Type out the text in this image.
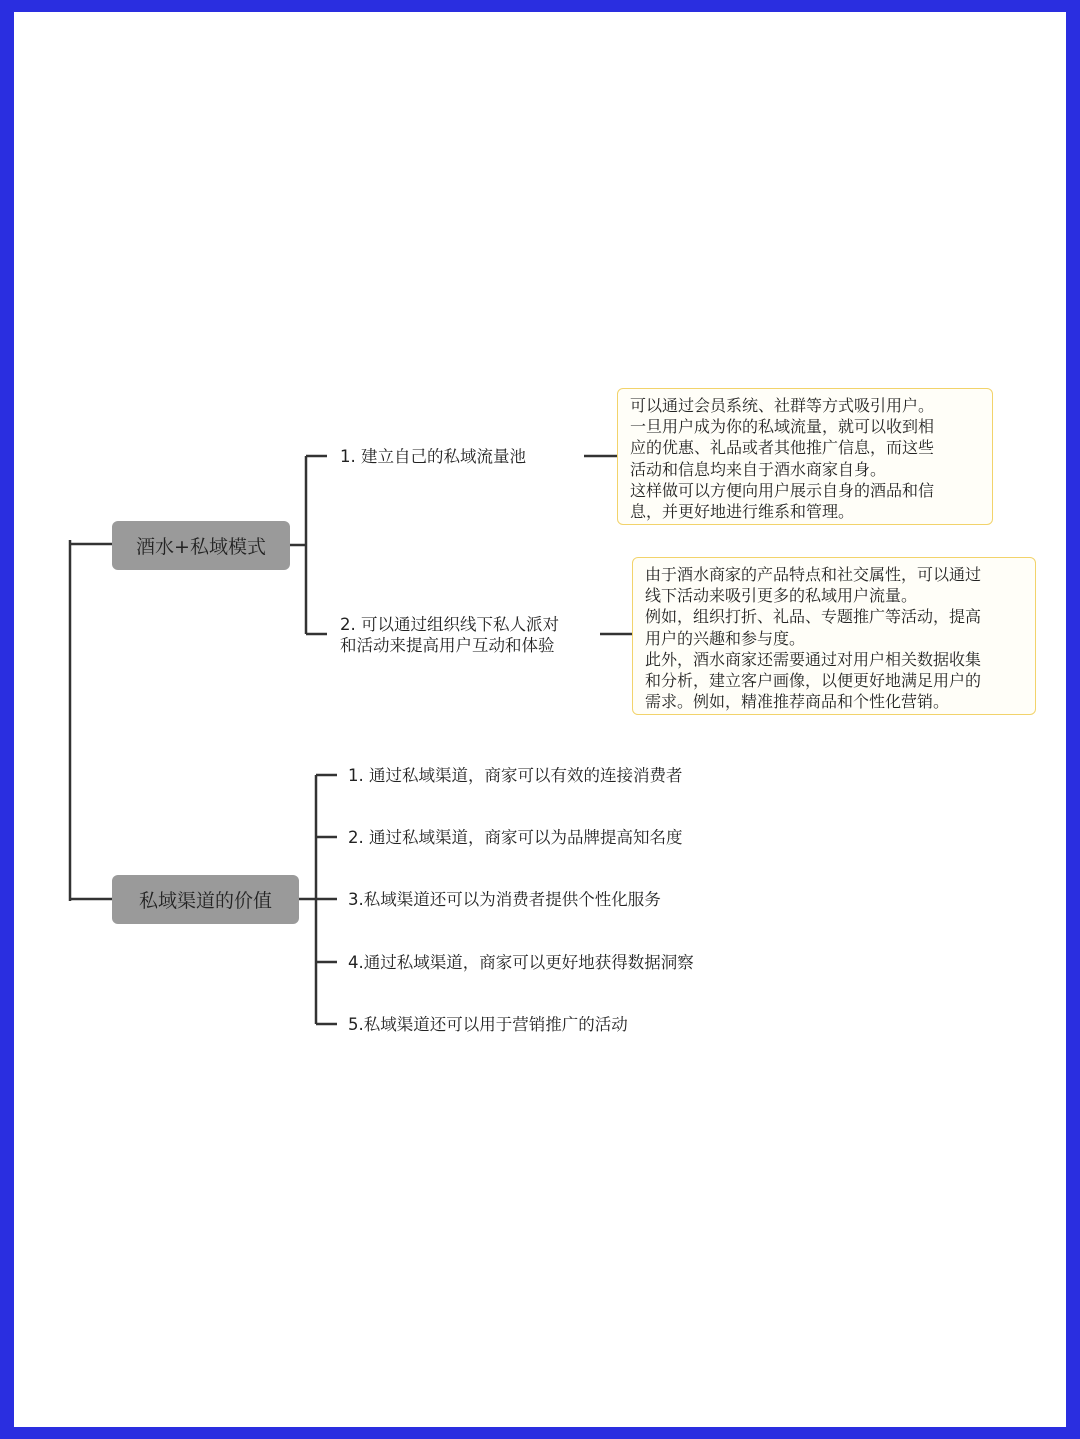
酒水+私域模式
1. 建立自己的私域流量池
可以通过会员系统、社群等方式吸引用户。
一旦用户成为你的私域流量，就可以收到相
应的优惠、礼品或者其他推广信息，而这些
活动和信息均来自于酒水商家自身。
这样做可以方便向用户展示自身的酒品和信
息，并更好地进行维系和管理。
2. 可以通过组织线下私人派对
和活动来提高用户互动和体验
由于酒水商家的产品特点和社交属性，可以通过
线下活动来吸引更多的私域用户流量。
例如，组织打折、礼品、专题推广等活动，提高
用户的兴趣和参与度。
此外，酒水商家还需要通过对用户相关数据收集
和分析，建立客户画像，以便更好地满足用户的
需求。例如，精准推荐商品和个性化营销。
私域渠道的价值
1. 通过私域渠道，商家可以有效的连接消费者
2. 通过私域渠道，商家可以为品牌提高知名度
3.私域渠道还可以为消费者提供个性化服务
4.通过私域渠道，商家可以更好地获得数据洞察
5.私域渠道还可以用于营销推广的活动
